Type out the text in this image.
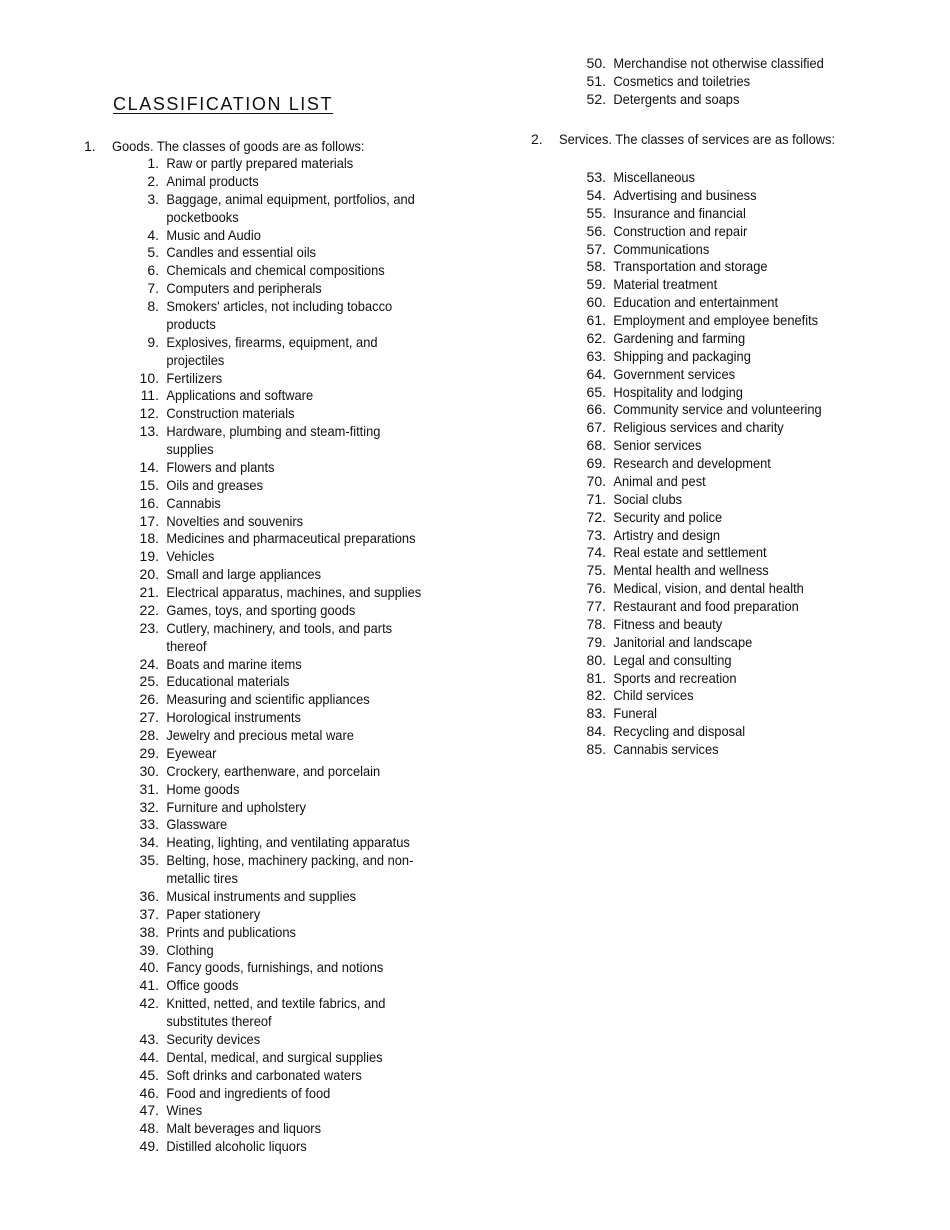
CLASSIFICATION LIST
1. Goods. The classes of goods are as follows:
1. Raw or partly prepared materials
2. Animal products
3. Baggage, animal equipment, portfolios, and
pocketbooks
4. Music and Audio
5. Candles and essential oils
6. Chemicals and chemical compositions
7. Computers and peripherals
8. Smokers' articles, not including tobacco
products
9. Explosives, firearms, equipment, and
projectiles
10. Fertilizers
11. Applications and software
12. Construction materials
13. Hardware, plumbing and steam-fitting
supplies
14. Flowers and plants
15. Oils and greases
16. Cannabis
17. Novelties and souvenirs
18. Medicines and pharmaceutical preparations
19. Vehicles
20. Small and large appliances
21. Electrical apparatus, machines, and supplies
22. Games, toys, and sporting goods
23. Cutlery, machinery, and tools, and parts
thereof
24. Boats and marine items
25. Educational materials
26. Measuring and scientific appliances
27. Horological instruments
28. Jewelry and precious metal ware
29. Eyewear
30. Crockery, earthenware, and porcelain
31. Home goods
32. Furniture and upholstery
33. Glassware
34. Heating, lighting, and ventilating apparatus
35. Belting, hose, machinery packing, and non-
metallic tires
36. Musical instruments and supplies
37. Paper stationery
38. Prints and publications
39. Clothing
40. Fancy goods, furnishings, and notions
41. Office goods
42. Knitted, netted, and textile fabrics, and
substitutes thereof
43. Security devices
44. Dental, medical, and surgical supplies
45. Soft drinks and carbonated waters
46. Food and ingredients of food
47. Wines
48. Malt beverages and liquors
49. Distilled alcoholic liquors
50. Merchandise not otherwise classified
51. Cosmetics and toiletries
52. Detergents and soaps
2. Services. The classes of services are as follows:
53. Miscellaneous
54. Advertising and business
55. Insurance and financial
56. Construction and repair
57. Communications
58. Transportation and storage
59. Material treatment
60. Education and entertainment
61. Employment and employee benefits
62. Gardening and farming
63. Shipping and packaging
64. Government services
65. Hospitality and lodging
66. Community service and volunteering
67. Religious services and charity
68. Senior services
69. Research and development
70. Animal and pest
71. Social clubs
72. Security and police
73. Artistry and design
74. Real estate and settlement
75. Mental health and wellness
76. Medical, vision, and dental health
77. Restaurant and food preparation
78. Fitness and beauty
79. Janitorial and landscape
80. Legal and consulting
81. Sports and recreation
82. Child services
83. Funeral
84. Recycling and disposal
85. Cannabis services
